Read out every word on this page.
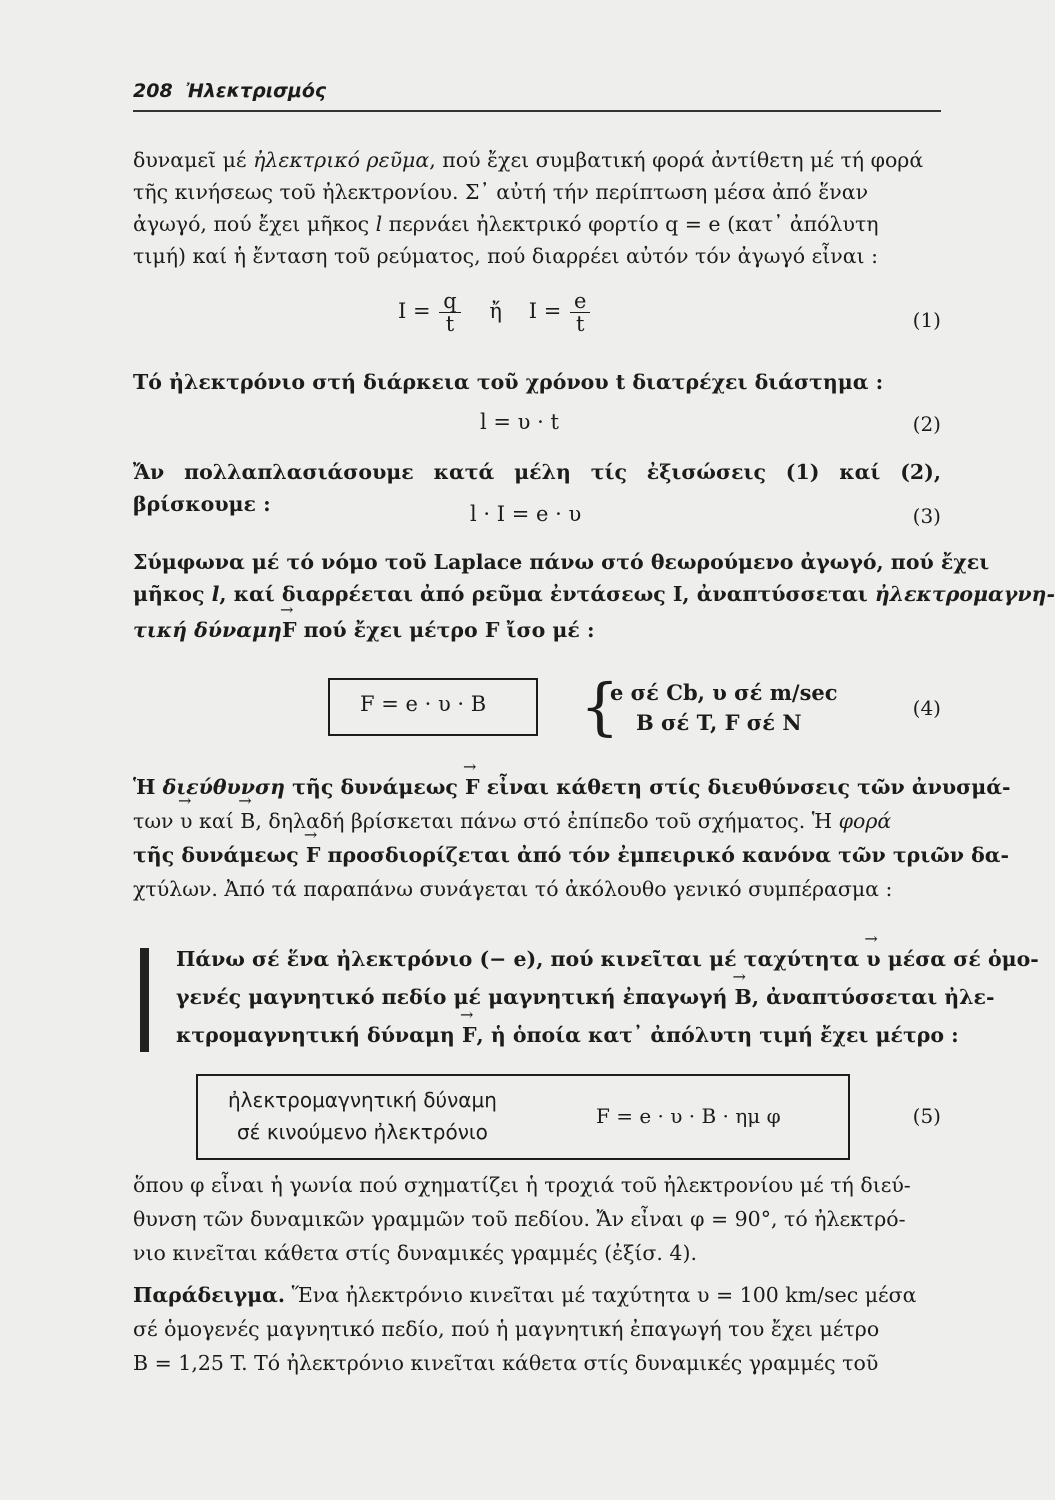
208 Ἠλεκτρισμός
δυναμεῖ μέ ἠλεκτρικό ρεῦμα, πού ἔχει συμβατική φορά ἀντίθετη μέ τή φορά
τῆς κινήσεως τοῦ ἠλεκτρονίου. Σ᾽ αὐτή τήν περίπτωση μέσα ἀπό ἕναν
ἀγωγό, πού ἔχει μῆκος l περνάει ἠλεκτρικό φορτίο q = e (κατ᾽ ἀπόλυτη
τιμή) καί ἡ ἔνταση τοῦ ρεύματος, πού διαρρέει αὐτόν τόν ἀγωγό εἶναι :
$I = \frac{q}{t}$ ἤ $I = \frac{e}{t}$	(1)
Τό ἠλεκτρόνιο στή διάρκεια τοῦ χρόνου t διατρέχει διάστημα :
l = υ · t	(2)
Ἄν πολλαπλασιάσουμε κατά μέλη τίς ἐξισώσεις (1) καί (2), βρίσκουμε :	l · I = e · υ	(3)
Σύμφωνα μέ τό νόμο τοῦ Laplace πάνω στό θεωρούμενο ἀγωγό, πού ἔχει
μῆκος l, καί διαρρέεται ἀπό ρεῦμα ἐντάσεως I, ἀναπτύσσεται ἠλεκτρομαγνη-
τική δύναμη→ F πού ἔχει μέτρο F ἴσο μέ :
F = e · υ · B {
e σέ Cb, υ σέ m/sec
B σέ T, F σέ N
(4)
Ἡ διεύθυνση τῆς δυνάμεως → F εἶναι κάθετη στίς διευθύνσεις τῶν ἀνυσμά-
των → υ καί → B, δηλαδή βρίσκεται πάνω στό ἐπίπεδο τοῦ σχήματος. Ἡ φορά
τῆς δυνάμεως → F προσδιορίζεται ἀπό τόν ἐμπειρικό κανόνα τῶν τριῶν δα-
χτύλων. Ἀπό τά παραπάνω συνάγεται τό ἀκόλουθο γενικό συμπέρασμα :
Πάνω σέ ἕνα ἠλεκτρόνιο (− e), πού κινεῖται μέ ταχύτητα → υ μέσα σέ ὁμο-
γενές μαγνητικό πεδίο μέ μαγνητική ἐπαγωγή → B, ἀναπτύσσεται ἠλε-
κτρομαγνητική δύναμη → F, ἡ ὁποία κατ᾽ ἀπόλυτη τιμή ἔχει μέτρο :
ἠλεκτρομαγνητική δύναμη
σέ κινούμενο ἠλεκτρόνιο
F = e · υ · B · ημ φ	(5)
ὅπου φ εἶναι ἡ γωνία πού σχηματίζει ἡ τροχιά τοῦ ἠλεκτρονίου μέ τή διεύ-
θυνση τῶν δυναμικῶν γραμμῶν τοῦ πεδίου. Ἄν εἶναι φ = 90°, τό ἠλεκτρό-
νιο κινεῖται κάθετα στίς δυναμικές γραμμές (ἐξίσ. 4).
Παράδειγμα. Ἕνα ἠλεκτρόνιο κινεῖται μέ ταχύτητα υ = 100 km/sec μέσα
σέ ὁμογενές μαγνητικό πεδίο, πού ἡ μαγνητική ἐπαγωγή του ἔχει μέτρο
B = 1,25 T. Τό ἠλεκτρόνιο κινεῖται κάθετα στίς δυναμικές γραμμές τοῦ
